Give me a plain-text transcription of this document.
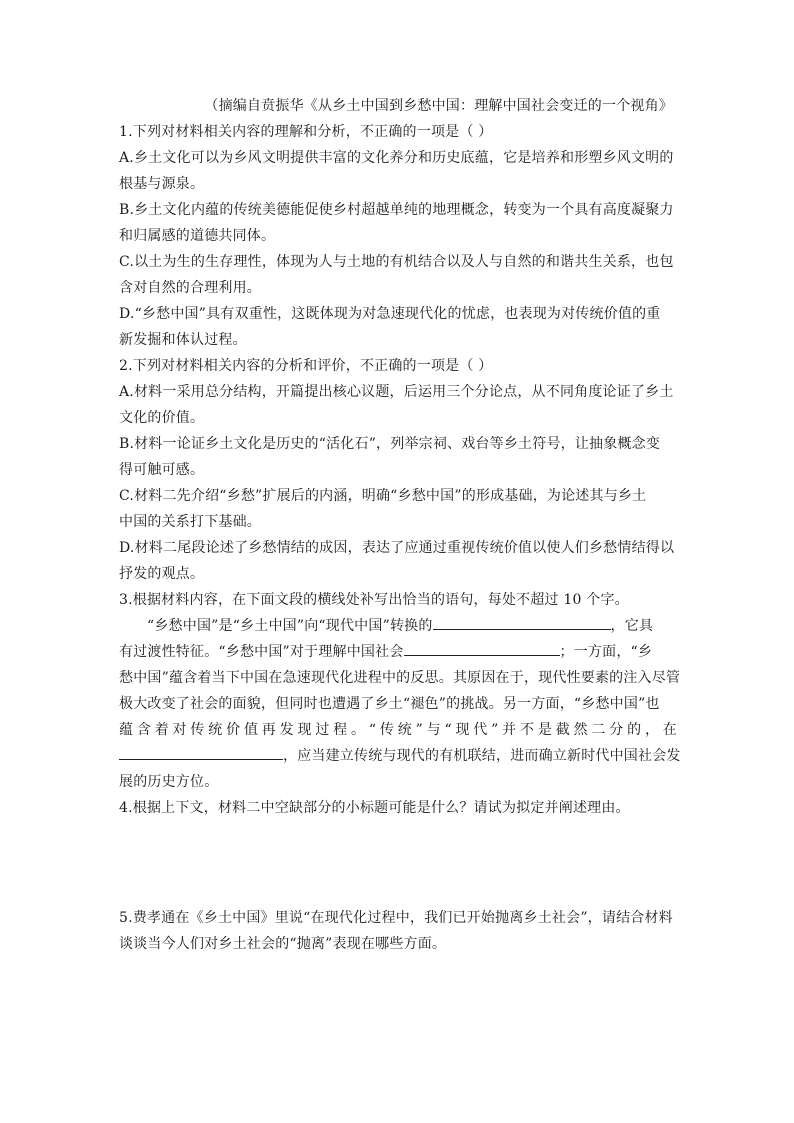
（摘编自贲振华《从乡土中国到乡愁中国：理解中国社会变迁的一个视角》
1.下列对材料相关内容的理解和分析，不正确的一项是（ ）
A.乡土文化可以为乡风文明提供丰富的文化养分和历史底蕴，它是培养和形塑乡风文明的
根基与源泉。
B.乡土文化内蕴的传统美德能促使乡村超越单纯的地理概念，转变为一个具有高度凝聚力
和归属感的道德共同体。
C.以土为生的生存理性，体现为人与土地的有机结合以及人与自然的和谐共生关系，也包
含对自然的合理利用。
D.“乡愁中国”具有双重性，这既体现为对急速现代化的忧虑，也表现为对传统价值的重
新发掘和体认过程。
2.下列对材料相关内容的分析和评价，不正确的一项是（ ）
A.材料一采用总分结构，开篇提出核心议题，后运用三个分论点，从不同角度论证了乡土
文化的价值。
B.材料一论证乡土文化是历史的“活化石”，列举宗祠、戏台等乡土符号，让抽象概念变
得可触可感。
C.材料二先介绍“乡愁”扩展后的内涵，明确“乡愁中国”的形成基础，为论述其与乡土
中国的关系打下基础。
D.材料二尾段论述了乡愁情结的成因，表达了应通过重视传统价值以使人们乡愁情结得以
抒发的观点。
3.根据材料内容，在下面文段的横线处补写出恰当的语句，每处不超过 10 个字。
“乡愁中国”是“乡土中国”向“现代中国”转换的	，它具
有过渡性特征。“乡愁中国”对于理解中国社会	；一方面，“乡
愁中国”蕴含着当下中国在急速现代化进程中的反思。其原因在于，现代性要素的注入尽管
极大改变了社会的面貌，但同时也遭遇了乡土“褪色”的挑战。另一方面，“乡愁中国”也
蕴含着对传统价值再发现过程。“传统”与“现代”并不是截然二分的，在
，应当建立传统与现代的有机联结，进而确立新时代中国社会发
展的历史方位。
4.根据上下文，材料二中空缺部分的小标题可能是什么？请试为拟定并阐述理由。
5.费孝通在《乡土中国》里说“在现代化过程中，我们已开始抛离乡土社会”，请结合材料
谈谈当今人们对乡土社会的“抛离”表现在哪些方面。
